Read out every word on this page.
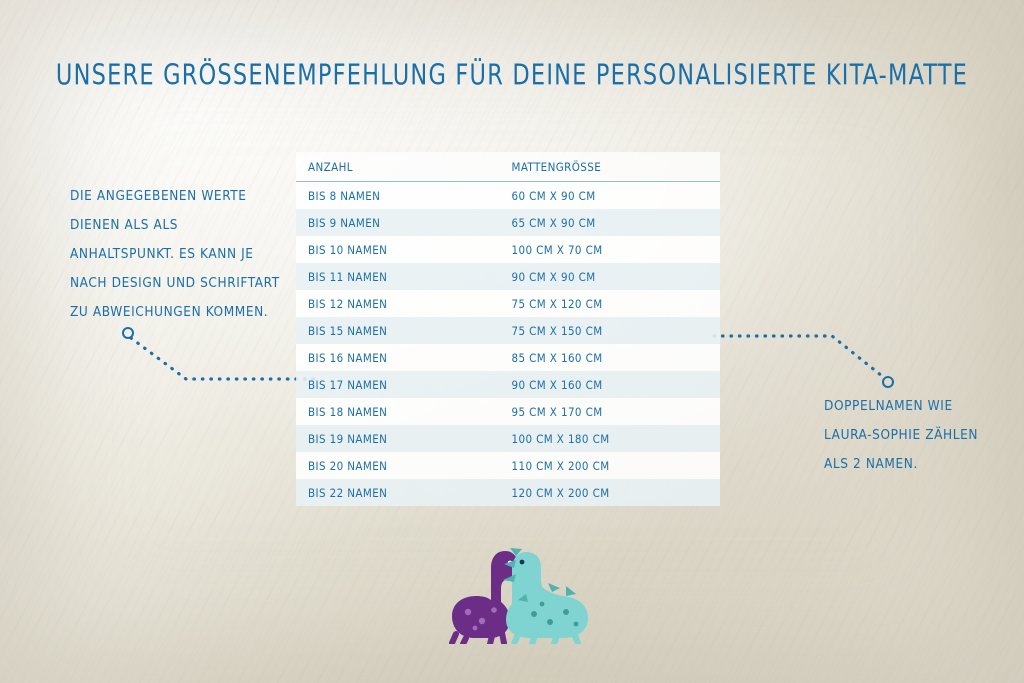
UNSERE GRÖSSENEMPFEHLUNG FÜR DEINE PERSONALISIERTE KITA-MATTE
DIE ANGEGEBENEN WERTE DIENEN ALS ALS ANHALTSPUNKT. ES KANN JE NACH DESIGN UND SCHRIFTART ZU ABWEICHUNGEN KOMMEN.
DOPPELNAMEN WIE LAURA-SOPHIE ZÄHLEN ALS 2 NAMEN.
ANZAHL	MATTENGRÖSSE
BIS 8 NAMEN	60 CM X 90 CM
BIS 9 NAMEN	65 CM X 90 CM
BIS 10 NAMEN	100 CM X 70 CM
BIS 11 NAMEN	90 CM X 90 CM
BIS 12 NAMEN	75 CM X 120 CM
BIS 15 NAMEN	75 CM X 150 CM
BIS 16 NAMEN	85 CM X 160 CM
BIS 17 NAMEN	90 CM X 160 CM
BIS 18 NAMEN	95 CM X 170 CM
BIS 19 NAMEN	100 CM X 180 CM
BIS 20 NAMEN	110 CM X 200 CM
BIS 22 NAMEN	120 CM X 200 CM
